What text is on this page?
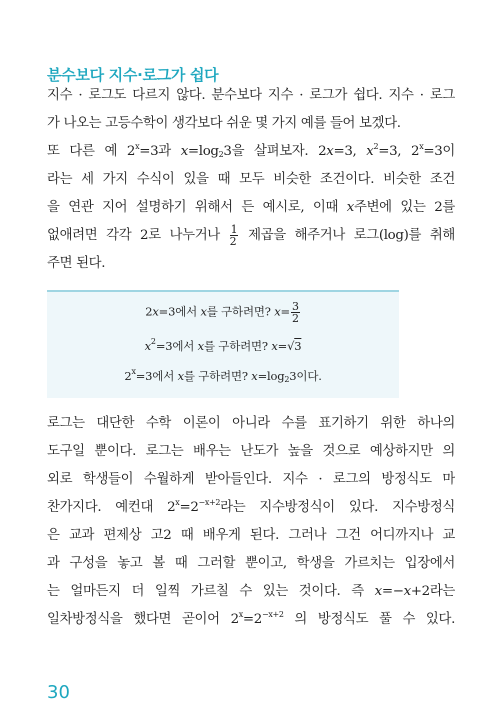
분수보다 지수·로그가 쉽다

지수 · 로그도 다르지 않다. 분수보다 지수 · 로그가 쉽다. 지수 · 로그

가 나오는 고등수학이 생각보다 쉬운 몇 가지 예를 들어 보겠다.

또 다른 예 $2^x=3$과 $x=\log_23$을 살펴보자. 2x=3, $x^2=3$, $2^x=3$이

라는 세 가지 수식이 있을 때 모두 비슷한 조건이다. 비슷한 조건

을 연관 지어 설명하기 위해서 든 예시로, 이때 x주변에 있는 2를

없애려면 각각 2로 나누거나 $\frac{1}{2}$ 제곱을 해주거나 로그(log)를 취해

주면 된다.

2x=3에서 x를 구하려면? $x= \frac{3}{2}$
$x^2=3$에서 x를 구하려면? x=√3
$2^x=3$에서 x를 구하려면? $x=\log_23$이다.

로그는 대단한 수학 이론이 아니라 수를 표기하기 위한 하나의

도구일 뿐이다. 로그는 배우는 난도가 높을 것으로 예상하지만 의

외로 학생들이 수월하게 받아들인다. 지수 · 로그의 방정식도 마

찬가지다. 예컨대 $2^x=2^{-x+2}$라는 지수방정식이 있다. 지수방정식

은 교과 편제상 고2 때 배우게 된다. 그러나 그건 어디까지나 교

과 구성을 놓고 볼 때 그러할 뿐이고, 학생을 가르치는 입장에서

는 얼마든지 더 일찍 가르칠 수 있는 것이다. 즉 x=−x+2라는

일차방정식을 했다면 곧이어 $2^x=2^{-x+2}$ 의 방정식도 풀 수 있다.

30
